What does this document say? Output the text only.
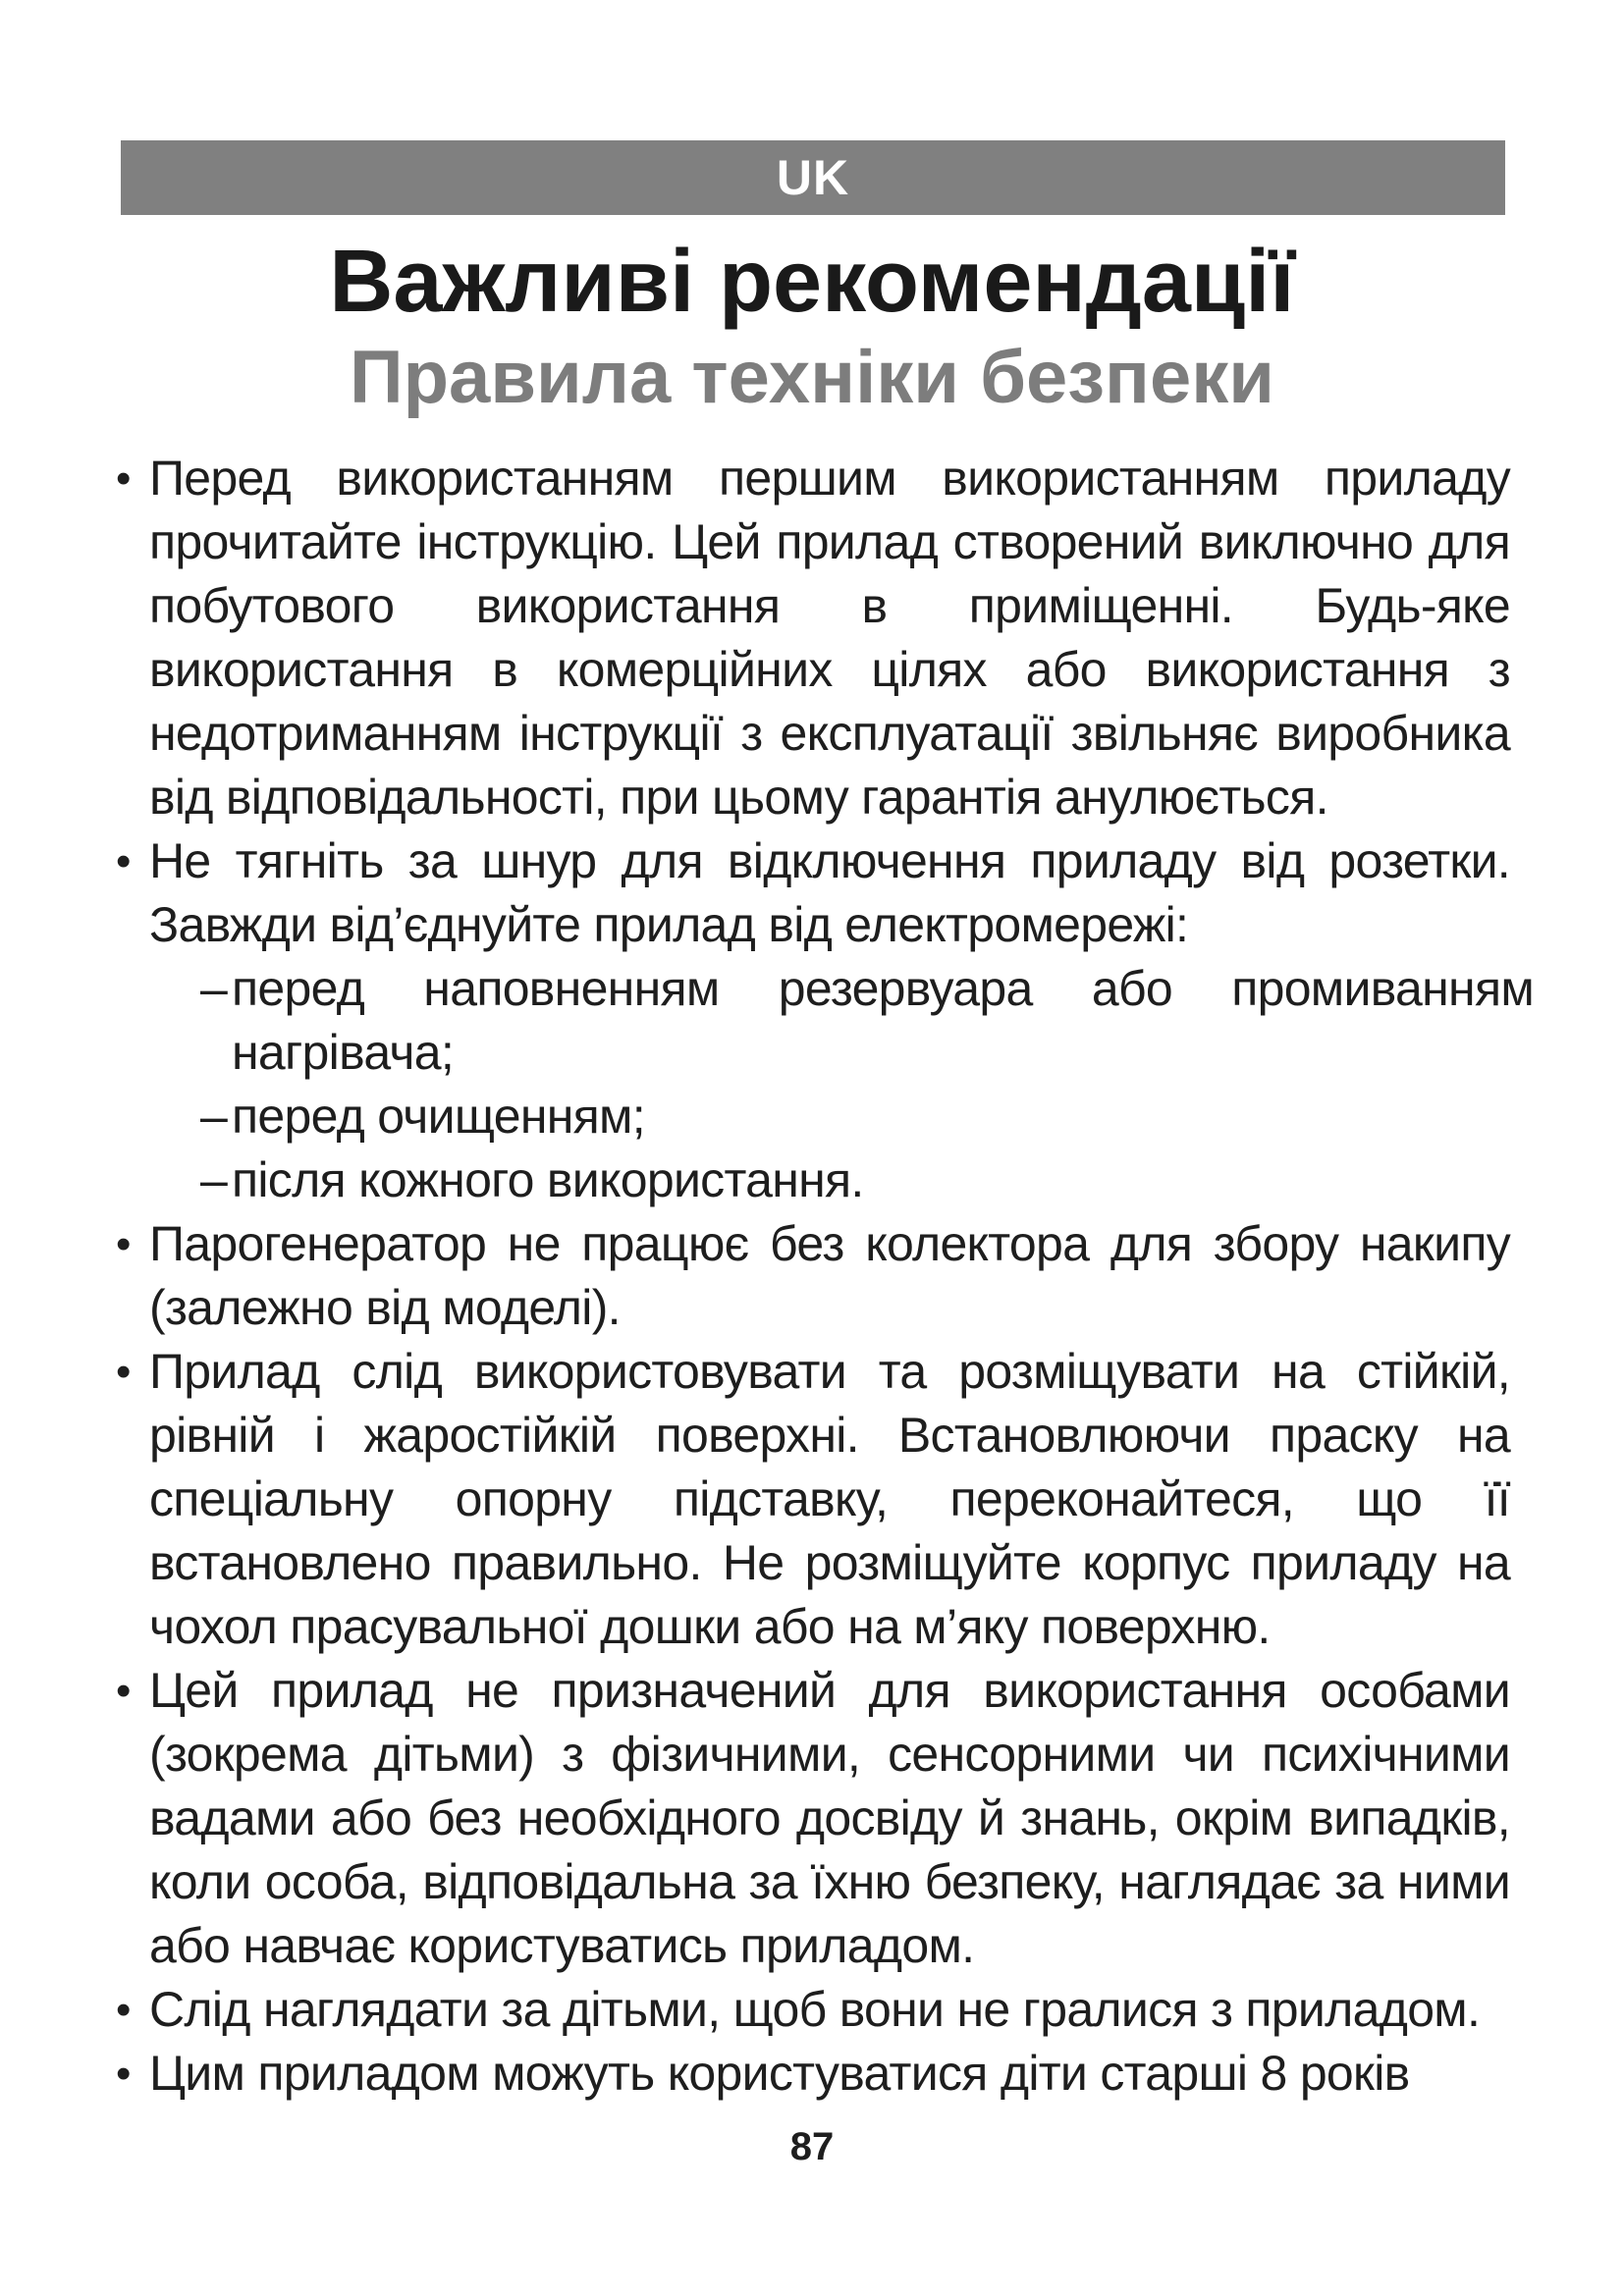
UK
Важливі рекомендації
Правила техніки безпеки
• Перед використанням першим використанням приладу прочитайте інструкцію. Цей прилад створений виключно для побутового використання в приміщенні. Будь-яке використання в комерційних цілях або використання з недотриманням інструкції з експлуатації звільняє виробника від відповідальності, при цьому гарантія анулюється.
• Не тягніть за шнур для відключення приладу від розетки. Завжди від’єднуйте прилад від електромережі:
– перед наповненням резервуара або промиванням нагрівача;
– перед очищенням;
– після кожного використання.
• Парогенератор не працює без колектора для збору накипу (залежно від моделі).
• Прилад слід використовувати та розміщувати на стійкій, рівній і жаростійкій поверхні. Встановлюючи праску на спеціальну опорну підставку, переконайтеся, що її встановлено правильно. Не розміщуйте корпус приладу на чохол прасувальної дошки або на м’яку поверхню.
• Цей прилад не призначений для використання особами (зокрема дітьми) з фізичними, сенсорними чи психічними вадами або без необхідного досвіду й знань, окрім випадків, коли особа, відповідальна за їхню безпеку, наглядає за ними або навчає користуватись приладом.
• Слід наглядати за дітьми, щоб вони не гралися з приладом.
• Цим приладом можуть користуватися діти старші 8 років
87
